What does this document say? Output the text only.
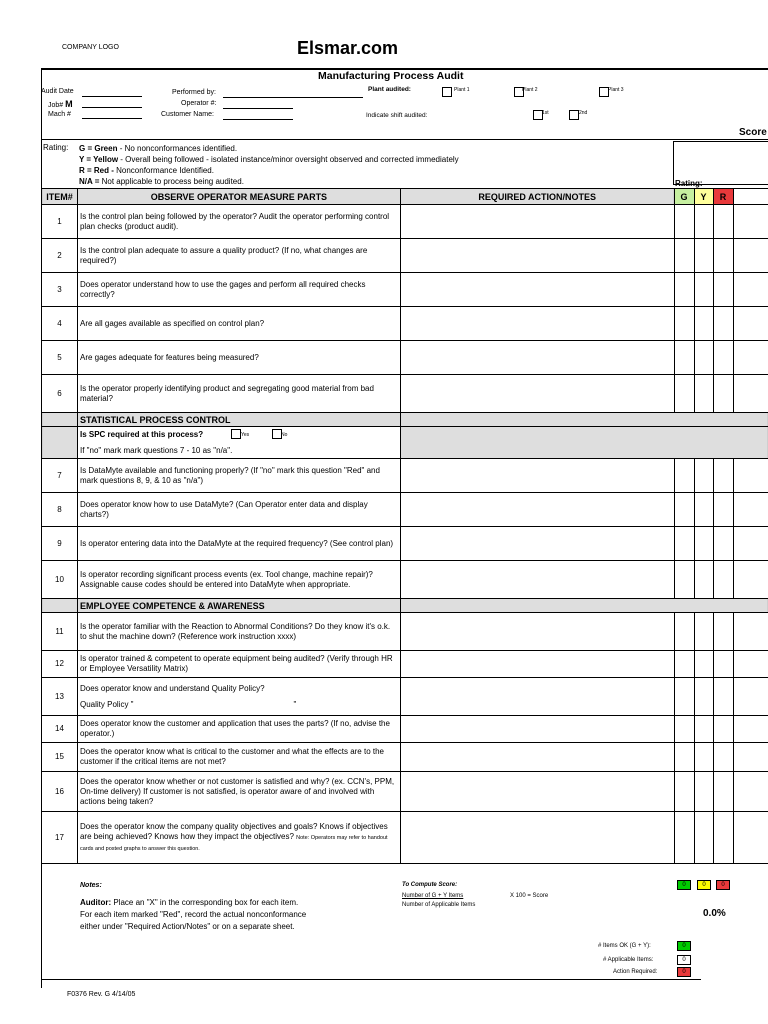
COMPANY LOGO	Elsmar.com
Manufacturing Process Audit
Audit Date
Job# M
Mach #
Performed by:
Operator #:
Customer Name:
Plant audited:	Plant 1	Plant 2	Plant 3
Indicate shift audited:	1st	2nd
Score
Rating: G = Green - No nonconformances identified.
Y = Yellow - Overall being followed - isolated instance/minor oversight observed and corrected immediately
R = Red - Nonconformance Identified.
N/A = Not applicable to process being audited.	Rating:
ITEM#	OBSERVE OPERATOR MEASURE PARTS	REQUIRED ACTION/NOTES	G	Y	R	
1	Is the control plan being followed by the operator? Audit the operator performing control plan checks (product audit).					
2	Is the control plan adequate to assure a quality product? (If no, what changes are required?)					
3	Does operator understand how to use the gages and perform all required checks correctly?					
4	Are all gages available as specified on control plan?					
5	Are gages adequate for features being measured?					
6	Is the operator properly identifying product and segregating good material from bad material?					
	STATISTICAL PROCESS CONTROL					

	Is SPC required at this process?
If "no" mark mark questions 7 - 10 as "n/a".
Yes No					

7	Is DataMyte available and functioning properly? (If "no" mark this question "Red" and mark questions 8, 9, & 10 as "n/a")					
8	Does operator know how to use DataMyte? (Can Operator enter data and display charts?)					
9	Is operator entering data into the DataMyte at the required frequency? (See control plan)					
10	Is operator recording significant process events (ex. Tool change, machine repair)? Assignable cause codes should be entered into DataMyte when appropriate.					
	EMPLOYEE COMPETENCE & AWARENESS					
11	Is the operator familiar with the Reaction to Abnormal Conditions? Do they know it's o.k. to shut the machine down? (Reference work instruction xxxx)					
12	Is operator trained & competent to operate equipment being audited? (Verify through HR or Employee Versatility Matrix)					
13	Does operator know and understand Quality Policy?
Quality Policy " "					

14	Does operator know the customer and application that uses the parts? (If no, advise the operator.)					
15	Does the operator know what is critical to the customer and what the effects are to the customer if the critical items are not met?					
16	Does the operator know whether or not customer is satisfied and why? (ex. CCN's, PPM, On-time delivery) If customer is not satisfied, is operator aware of and involved with actions being taken?					
17	Does the operator know the company quality objectives and goals? Knows if objectives are being achieved? Knows how they impact the objectives? Note: Operators may refer to handout cards and posted graphs to answer this question.					
Notes:
Auditor: Place an "X" in the corresponding box for each item.
For each item marked "Red", record the actual nonconformance
either under "Required Action/Notes" or on a separate sheet.
To Compute Score:
Number of G + Y Items	X 100 = Score
Number of Applicable Items
0	0	0
0.0%
# Items OK (G + Y):	0
# Applicable Items:	0
Action Required:	0
F0376 Rev. G 4/14/05
